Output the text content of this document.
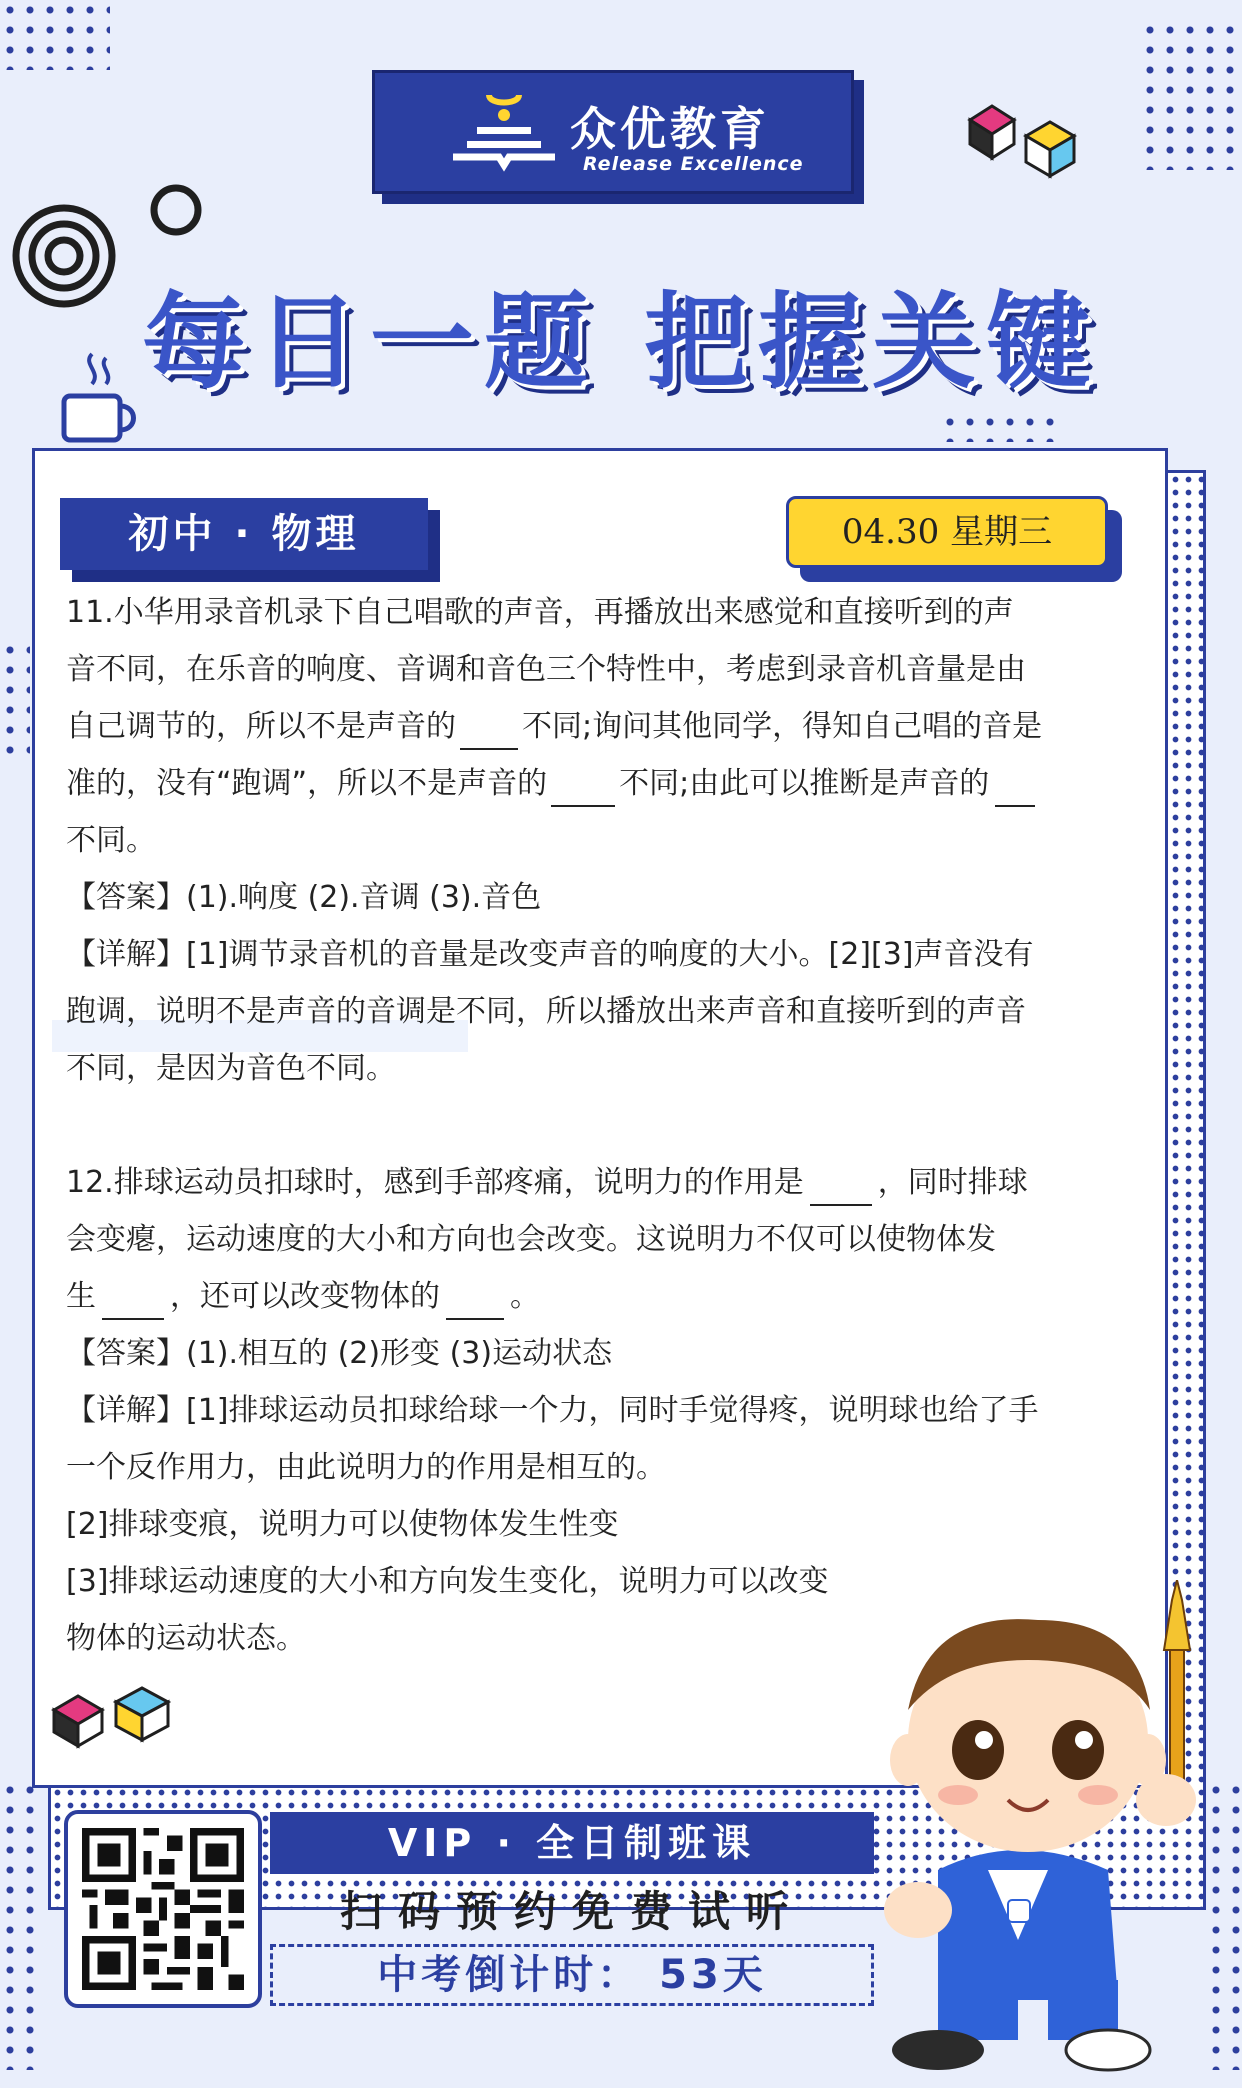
众优教育
Release Excellence
每日一题 把握关键
初中 · 物理	04.30 星期三

11.小华用录音机录下自己唱歌的声音，再播放出来感觉和直接听到的声

音不同，在乐音的响度、音调和音色三个特性中，考虑到录音机音量是由

自己调节的，所以不是声音的 不同;询问其他同学，得知自己唱的音是

准的，没有“跑调”，所以不是声音的 不同;由此可以推断是声音的

不同。

【答案】(1).响度 (2).音调 (3).音色

【详解】[1]调节录音机的音量是改变声音的响度的大小。[2][3]声音没有

跑调，说明不是声音的音调是不同，所以播放出来声音和直接听到的声音

不同，是因为音色不同。

12.排球运动员扣球时，感到手部疼痛，说明力的作用是 ，同时排球

会变瘪，运动速度的大小和方向也会改变。这说明力不仅可以使物体发

生 ，还可以改变物体的 。

【答案】(1).相互的 (2)形变 (3)运动状态

【详解】[1]排球运动员扣球给球一个力，同时手觉得疼，说明球也给了手

一个反作用力，由此说明力的作用是相互的。

[2]排球变痕，说明力可以使物体发生性变

[3]排球运动速度的大小和方向发生变化，说明力可以改变

物体的运动状态。

VIP · 全日制班课
扫码预约免费试听
中考倒计时： 53天
